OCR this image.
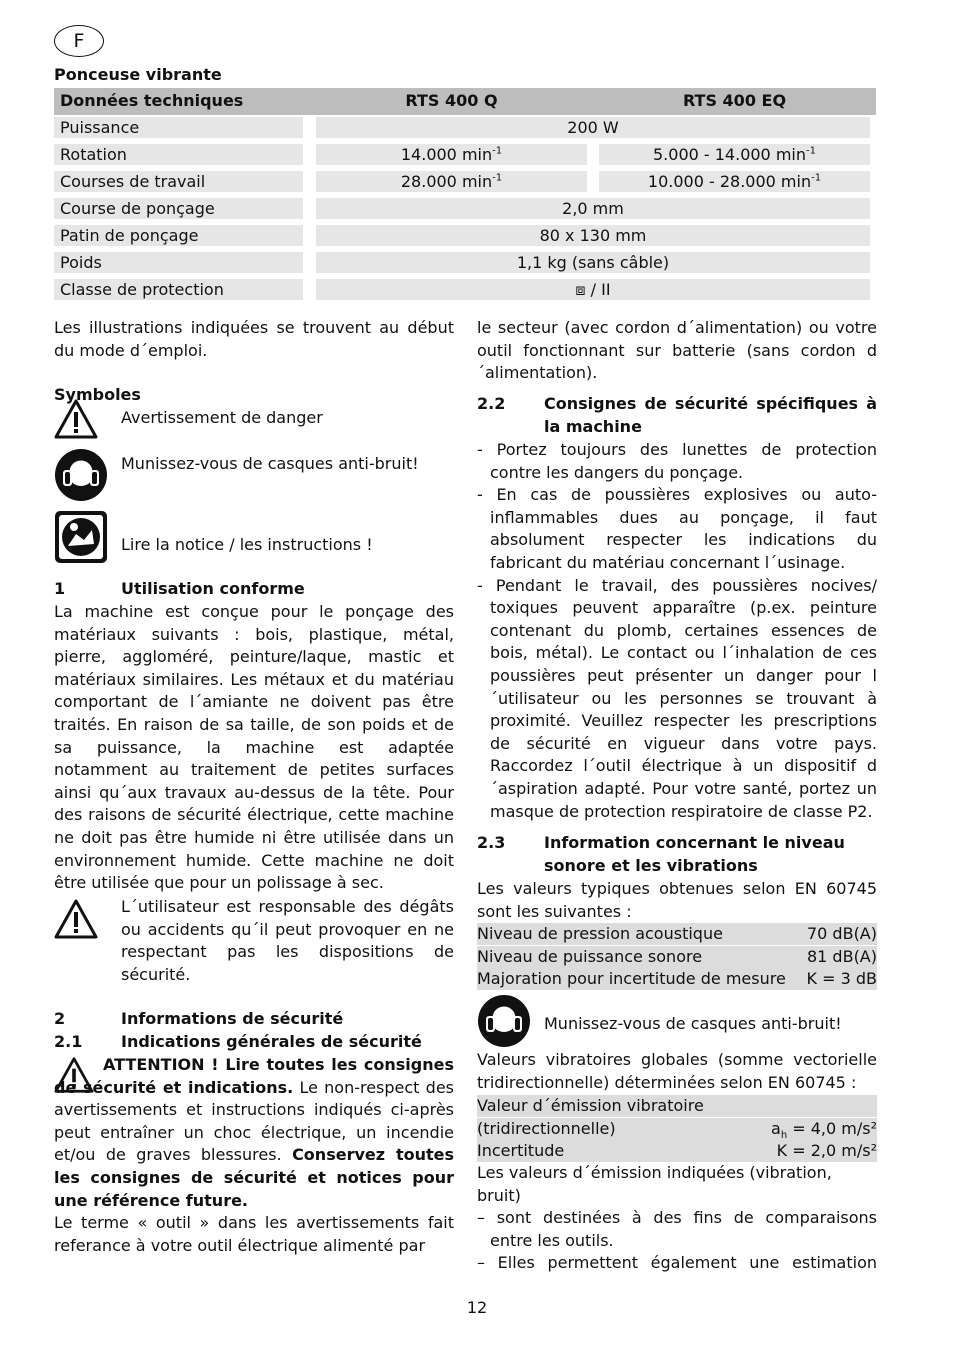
F
Ponceuse vibrante
Données techniques	RTS 400 Q	RTS 400 EQ
Puissance	200 W
Rotation	14.000 $\min^{-1}$	5.000 - 14.000 $\min^{-1}$
Courses de travail	28.000 $\min^{-1}$	10.000 - 28.000 $\min^{-1}$
Course de ponçage	2,0 mm
Patin de ponçage	80 x 130 mm
Poids	1,1 kg (sans câble)
Classe de protection	⧈ / II
Les illustrations indiquées se trouvent au début du mode d´emploi.
Symboles
Avertissement de danger
Munissez-vous de casques anti-bruit!
Lire la notice / les instructions !
1	Utilisation conforme
La machine est conçue pour le ponçage des matériaux suivants : bois, plastique, métal, pierre, aggloméré, peinture/laque, mastic et matériaux similaires. Les métaux et du matériau comportant de l´amiante ne doivent pas être traités. En raison de sa taille, de son poids et de sa puissance, la machine est adaptée notamment au traitement de petites surfaces ainsi qu´aux travaux au-dessus de la tête. Pour des raisons de sécurité électrique, cette machine ne doit pas être humide ni être utilisée dans un environnement humide. Cette machine ne doit être utilisée que pour un polissage à sec.
L´utilisateur est responsable des dégâts ou accidents qu´il peut provoquer en ne respectant pas les dispositions de sécurité.
2	Informations de sécurité
2.1	Indications générales de sécurité
ATTENTION ! Lire toutes les consignes de sécurité et indications. Le non-respect des avertissements et instructions indiqués ci-après peut entraîner un choc électrique, un incendie et/ou de graves blessures. Conservez toutes les consignes de sécurité et notices pour une référence future.
Le terme « outil » dans les avertissements fait referance à votre outil électrique alimenté par
le secteur (avec cordon d´alimentation) ou votre outil fonctionnant sur batterie (sans cordon d´alimentation).
2.2	Consignes de sécurité spécifiques à la machine

- Portez toujours des lunettes de protection contre les dangers du ponçage.

- En cas de poussières explosives ou auto-inflammables dues au ponçage, il faut absolument respecter les indications du fabricant du matériau concernant l´usinage.

- Pendant le travail, des poussières nocives/ toxiques peuvent apparaître (p.ex. peinture contenant du plomb, certaines essences de bois, métal). Le contact ou l´inhalation de ces poussières peut présenter un danger pour l´utilisateur ou les personnes se trouvant à proximité. Veuillez respecter les prescriptions de sécurité en vigueur dans votre pays. Raccordez l´outil électrique à un dispositif d´aspiration adapté. Pour votre santé, portez un masque de protection respiratoire de classe P2.

2.3	Information concernant le niveau sonore et les vibrations
Les valeurs typiques obtenues selon EN 60745 sont les suivantes :
Niveau de pression acoustique	70 dB(A)
Niveau de puissance sonore	81 dB(A)
Majoration pour incertitude de mesure K = 3 dB
Munissez-vous de casques anti-bruit!
Valeurs vibratoires globales (somme vectorielle tridirectionnelle) déterminées selon EN 60745 :
Valeur d´émission vibratoire
(tridirectionnelle)	$a_h = 4,0$ m/s²
Incertitude	K = 2,0 m/s²

Les valeurs d´émission indiquées (vibration, bruit)

– sont destinées à des fins de comparaisons entre les outils.

– Elles permettent également une estimation

12
